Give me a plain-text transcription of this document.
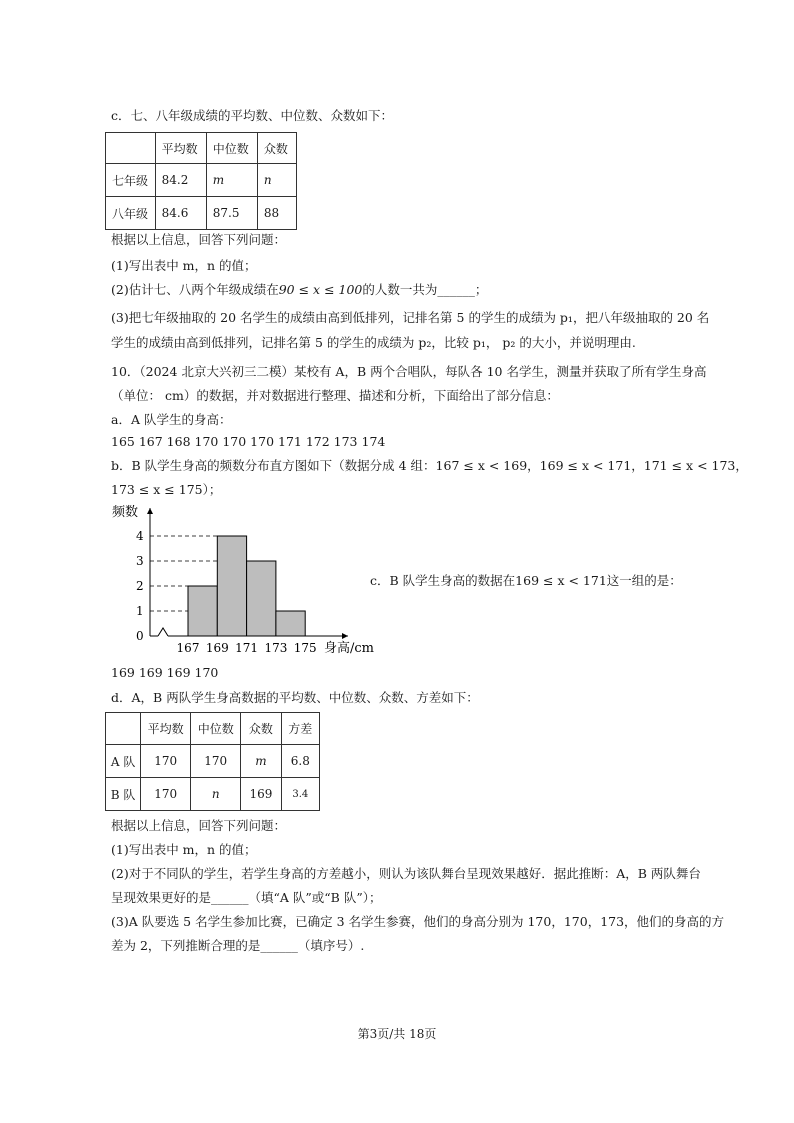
c．七、八年级成绩的平均数、中位数、众数如下：
	平均数	中位数	众数
七年级	84.2	m	n
八年级	84.6	87.5	88
根据以上信息，回答下列问题：
(1)写出表中 m，n 的值；
(2)估计七、八两个年级成绩在90 ≤ x ≤ 100的人数一共为______；
(3)把七年级抽取的 20 名学生的成绩由高到低排列，记排名第 5 的学生的成绩为 p₁，把八年级抽取的 20 名
学生的成绩由高到低排列，记排名第 5 的学生的成绩为 p₂，比较 p₁， p₂ 的大小，并说明理由.
10．（2024 北京大兴初三二模）某校有 A，B 两个合唱队，每队各 10 名学生，测量并获取了所有学生身高
（单位： cm）的数据，并对数据进行整理、描述和分析，下面给出了部分信息：
a．A 队学生的身高：
165 167 168 170 170 170 171 172 173 174
b．B 队学生身高的频数分布直方图如下（数据分成 4 组：167 ≤ x < 169，169 ≤ x < 171，171 ≤ x < 173，
173 ≤ x ≤ 175）；
频数
身高/cm
0
1
2
3
4
167 169 171 173 175
c．B 队学生身高的数据在169 ≤ x < 171这一组的是：
169 169 169 170
d．A，B 两队学生身高数据的平均数、中位数、众数、方差如下：
	平均数	中位数	众数	方差
A 队	170	170	m	6.8
B 队	170	n	169	3.4
根据以上信息，回答下列问题：
(1)写出表中 m，n 的值；
(2)对于不同队的学生，若学生身高的方差越小，则认为该队舞台呈现效果越好．据此推断：A，B 两队舞台
呈现效果更好的是______（填“A 队”或“B 队”）；
(3)A 队要选 5 名学生参加比赛，已确定 3 名学生参赛，他们的身高分别为 170，170，173，他们的身高的方
差为 2，下列推断合理的是______（填序号）.
第3页/共 18页
